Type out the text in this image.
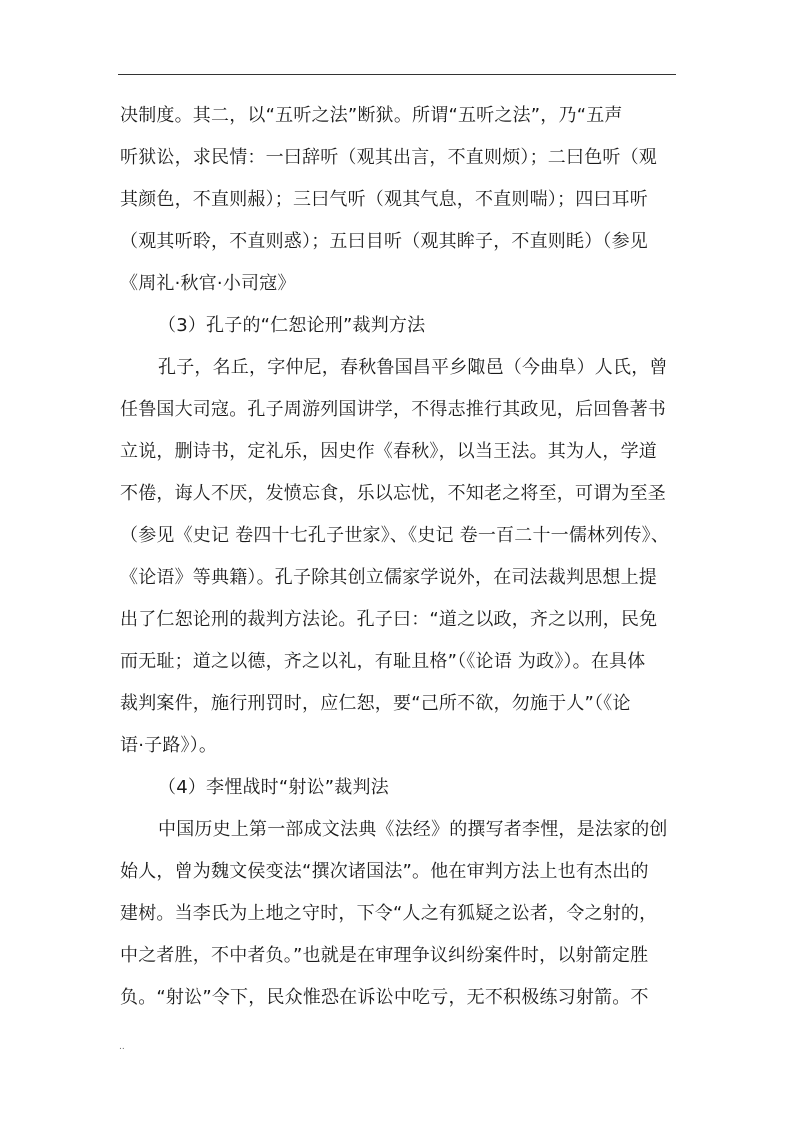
决制度。其二，以“五听之法”断狱。所谓“五听之法”，乃“五声
听狱讼，求民情：一曰辞听（观其出言，不直则烦）；二曰色听（观
其颜色，不直则赧）；三曰气听（观其气息，不直则喘）；四曰耳听
（观其听聆，不直则惑）；五曰目听（观其眸子，不直则眊）（参见
《周礼·秋官·小司寇》
（3）孔子的“仁恕论刑”裁判方法
孔子，名丘，字仲尼，春秋鲁国昌平乡陬邑（今曲阜）人氏，曾
任鲁国大司寇。孔子周游列国讲学，不得志推行其政见，后回鲁著书
立说，删诗书，定礼乐，因史作《春秋》，以当王法。其为人，学道
不倦，诲人不厌，发愤忘食，乐以忘忧，不知老之将至，可谓为至圣
（参见《史记 卷四十七孔子世家》、《史记 卷一百二十一儒林列传》、
《论语》等典籍）。孔子除其创立儒家学说外，在司法裁判思想上提
出了仁恕论刑的裁判方法论。孔子曰：“道之以政，齐之以刑，民免
而无耻；道之以德，齐之以礼，有耻且格”（《论语 为政》）。在具体
裁判案件，施行刑罚时，应仁恕，要“己所不欲，勿施于人”（《论
语·子路》）。
（4）李悝战时“射讼”裁判法
中国历史上第一部成文法典《法经》的撰写者李悝，是法家的创
始人，曾为魏文侯变法“撰次诸国法”。他在审判方法上也有杰出的
建树。当李氏为上地之守时，下令“人之有狐疑之讼者，令之射的，
中之者胜，不中者负。”也就是在审理争议纠纷案件时，以射箭定胜
负。“射讼”令下，民众惟恐在诉讼中吃亏，无不积极练习射箭。不
..
